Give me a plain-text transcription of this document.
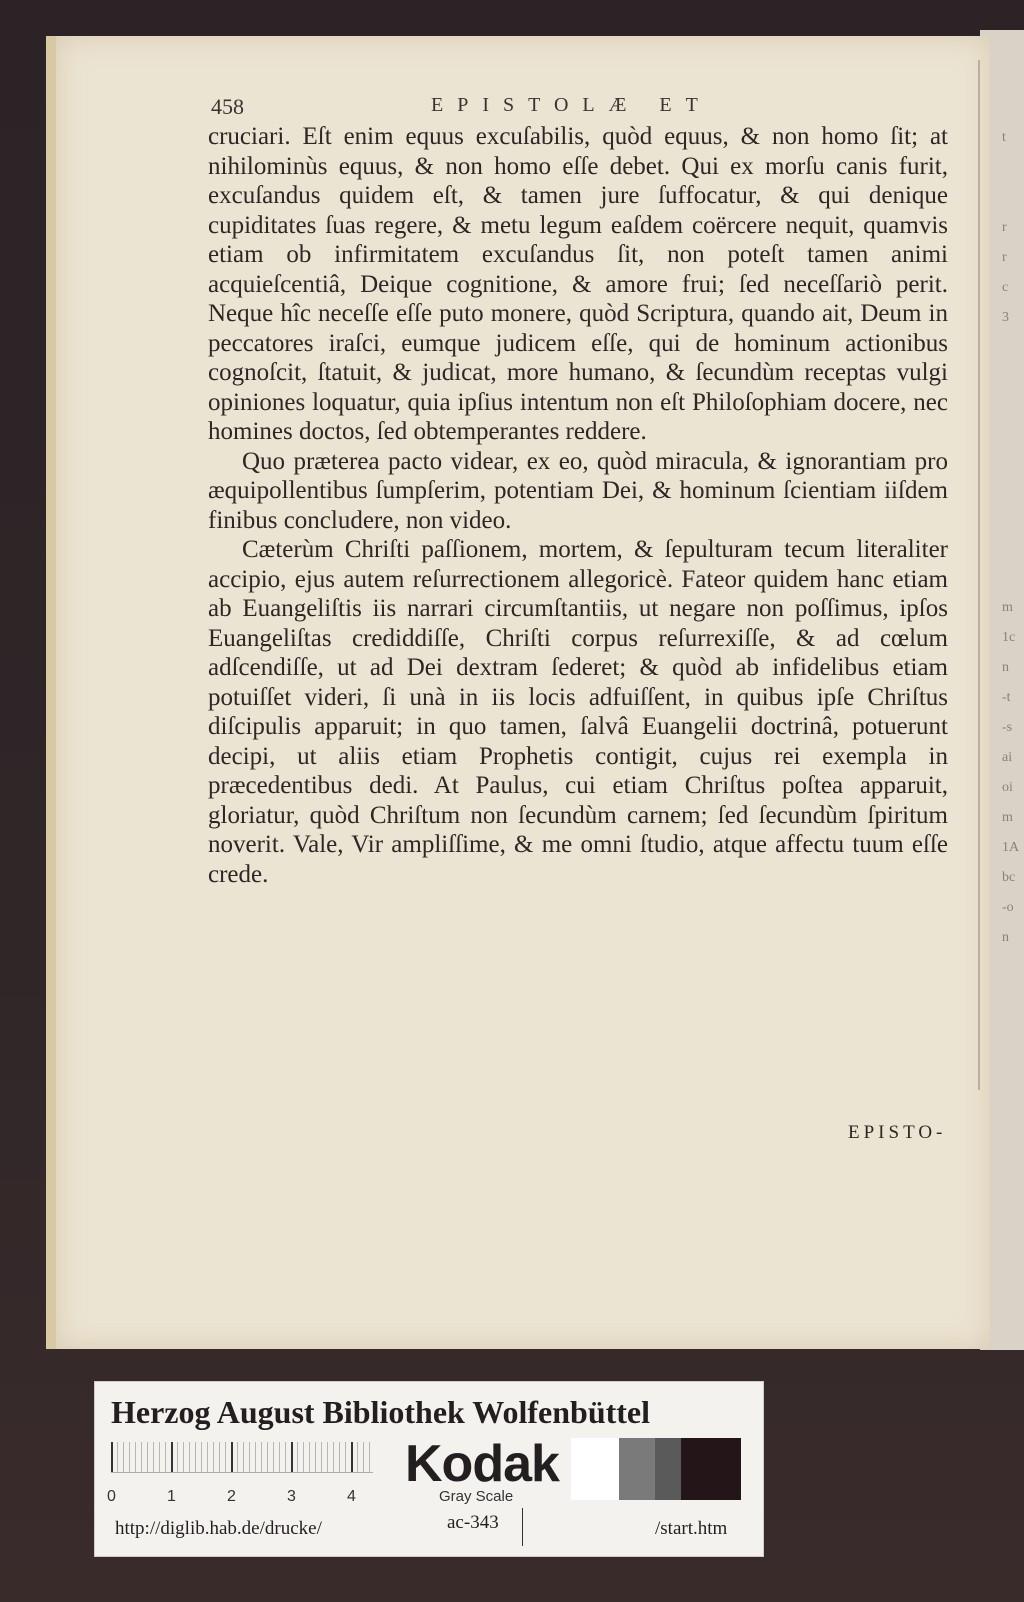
t
r
r
c
3
m
1c
n
-t
-s
ai
oi
m
1A
bc
-o
n
458	EPISTOLÆ ET

cruciari. Eſt enim equus excuſabilis, quòd equus, & non homo ſit; at nihilominùs equus, & non homo eſſe debet. Qui ex morſu canis furit, excuſandus quidem eſt, & tamen jure ſuffocatur, & qui denique cupiditates ſuas regere, & metu legum eaſdem coërcere nequit, quamvis etiam ob infirmitatem excuſandus ſit, non poteſt tamen animi acquieſcentiâ, Deique cognitione, & amore frui; ſed neceſſariò perit. Neque hîc neceſſe eſſe puto monere, quòd Scriptura, quando ait, Deum in peccatores iraſci, eumque judicem eſſe, qui de hominum actionibus cognoſcit, ſtatuit, & judicat, more humano, & ſecundùm receptas vulgi opiniones loquatur, quia ipſius intentum non eſt Philoſophiam docere, nec homines doctos, ſed obtemperantes reddere.

Quo præterea pacto videar, ex eo, quòd miracula, & ignorantiam pro æquipollentibus ſumpſerim, potentiam Dei, & hominum ſcientiam iiſdem finibus concludere, non video.

Cæterùm Chriſti paſſionem, mortem, & ſepulturam tecum literaliter accipio, ejus autem reſurrectionem allegoricè. Fateor quidem hanc etiam ab Euangeliſtis iis narrari circumſtantiis, ut negare non poſſimus, ipſos Euangeliſtas crediddiſſe, Chriſti corpus reſurrexiſſe, & ad cœlum adſcendiſſe, ut ad Dei dextram ſederet; & quòd ab infidelibus etiam potuiſſet videri, ſi unà in iis locis adfuiſſent, in quibus ipſe Chriſtus diſcipulis apparuit; in quo tamen, ſalvâ Euangelii doctrinâ, potuerunt decipi, ut aliis etiam Prophetis contigit, cujus rei exempla in præcedentibus dedi. At Paulus, cui etiam Chriſtus poſtea apparuit, gloriatur, quòd Chriſtum non ſecundùm carnem; ſed ſecundùm ſpiritum noverit. Vale, Vir ampliſſime, & me omni ſtudio, atque affectu tuum eſſe crede.

EPISTO-
Herzog August Bibliothek Wolfenbüttel
0	1	2	3	4
Kodak
Gray Scale
http://diglib.hab.de/drucke/	ac-343	/start.htm
